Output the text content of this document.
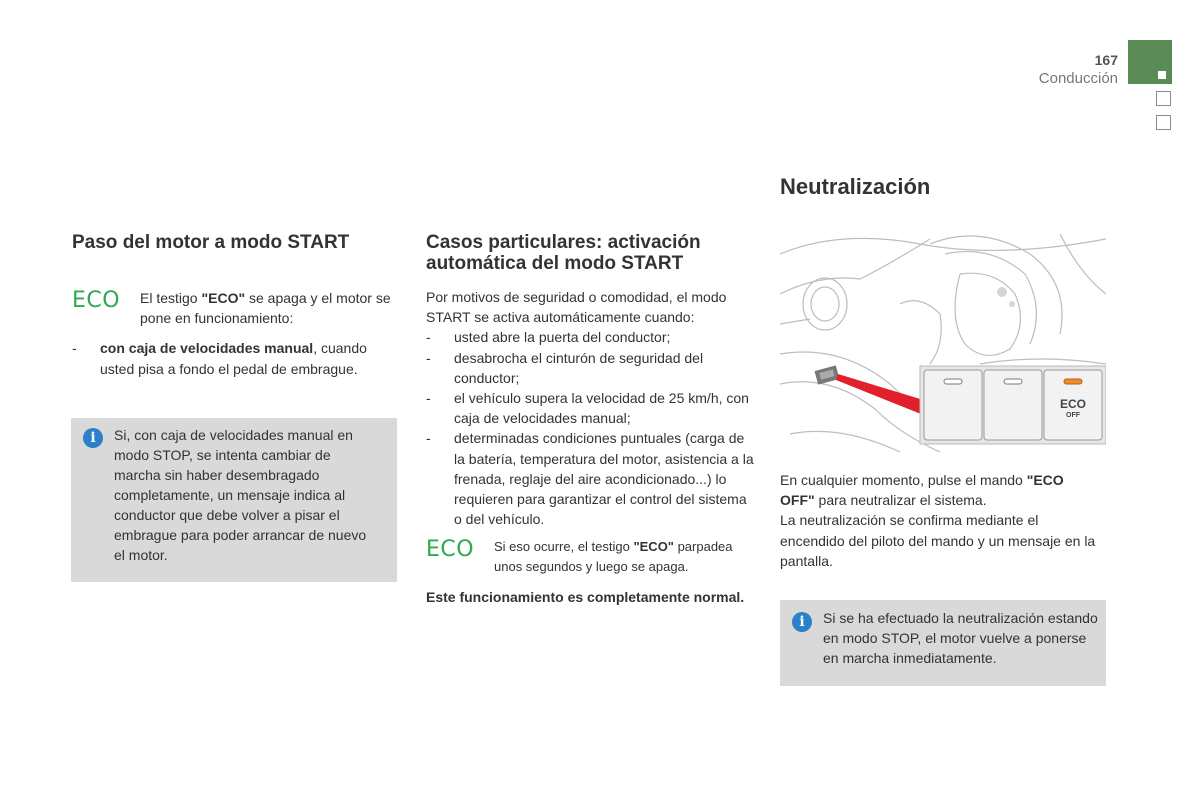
167
Conducción
Paso del motor a modo START
ECO	El testigo "ECO" se apaga y el motor se pone en funcionamiento:
- con caja de velocidades manual, cuando usted pisa a fondo el pedal de embrague.
i	Si, con caja de velocidades manual en modo STOP, se intenta cambiar de marcha sin haber desembragado completamente, un mensaje indica al conductor que debe volver a pisar el embrague para poder arrancar de nuevo el motor.
Casos particulares: activación
automática del modo START
Por motivos de seguridad o comodidad, el modo START se activa automáticamente cuando:
- usted abre la puerta del conductor;
- desabrocha el cinturón de seguridad del conductor;
- el vehículo supera la velocidad de 25 km/h, con caja de velocidades manual;
- determinadas condiciones puntuales (carga de la batería, temperatura del motor, asistencia a la frenada, reglaje del aire acondicionado...) lo requieren para garantizar el control del sistema o del vehículo.
ECO	Si eso ocurre, el testigo "ECO" parpadea unos segundos y luego se apaga.
Este funcionamiento es completamente normal.
Neutralización
ECO
OFF
En cualquier momento, pulse el mando "ECO OFF" para neutralizar el sistema.
La neutralización se confirma mediante el encendido del piloto del mando y un mensaje en la pantalla.
i	Si se ha efectuado la neutralización estando en modo STOP, el motor vuelve a ponerse en marcha inmediatamente.
